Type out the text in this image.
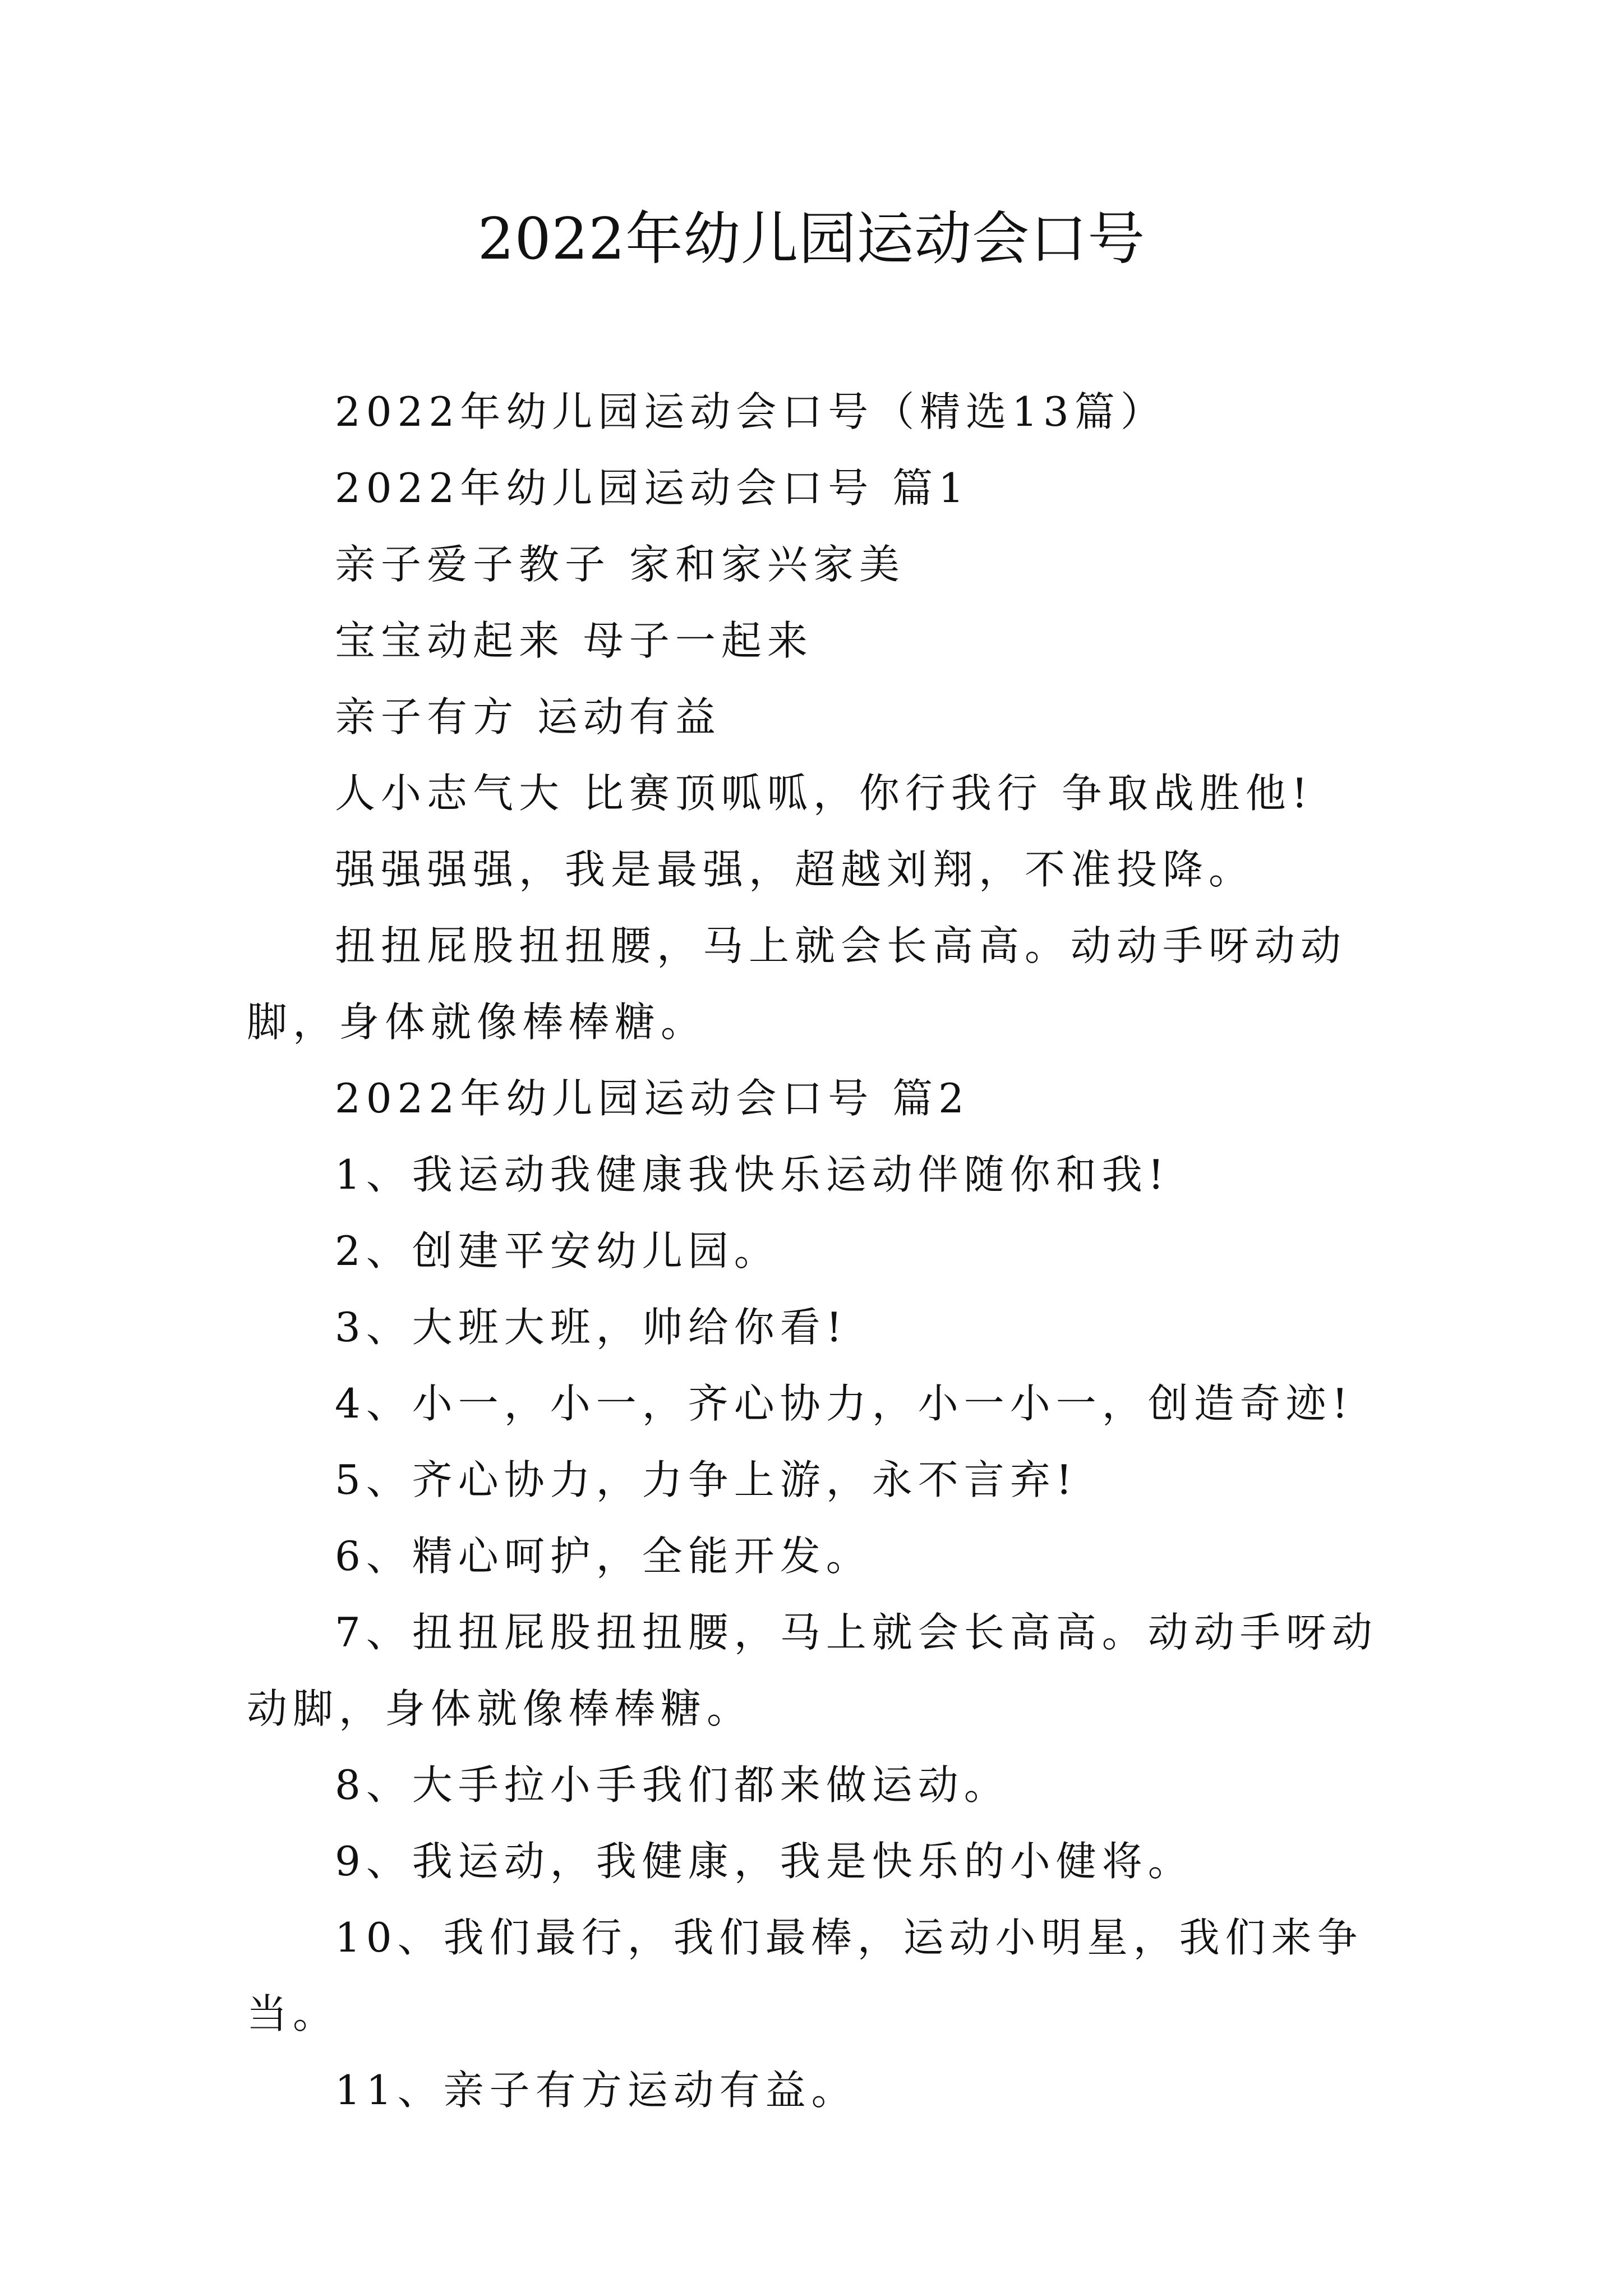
2022年幼儿园运动会口号

2022年幼儿园运动会口号（精选13篇）

2022年幼儿园运动会口号 篇1

亲子爱子教子 家和家兴家美

宝宝动起来 母子一起来

亲子有方 运动有益

人小志气大 比赛顶呱呱，你行我行 争取战胜他!

强强强强，我是最强，超越刘翔，不准投降。

扭扭屁股扭扭腰，马上就会长高高。动动手呀动动脚，身体就像棒棒糖。

2022年幼儿园运动会口号 篇2

1、我运动我健康我快乐运动伴随你和我!

2、创建平安幼儿园。

3、大班大班，帅给你看!

4、小一，小一，齐心协力，小一小一，创造奇迹!

5、齐心协力，力争上游，永不言弃!

6、精心呵护，全能开发。

7、扭扭屁股扭扭腰，马上就会长高高。动动手呀动动脚，身体就像棒棒糖。

8、大手拉小手我们都来做运动。

9、我运动，我健康，我是快乐的小健将。

10、我们最行，我们最棒，运动小明星，我们来争当。

11、亲子有方运动有益。
